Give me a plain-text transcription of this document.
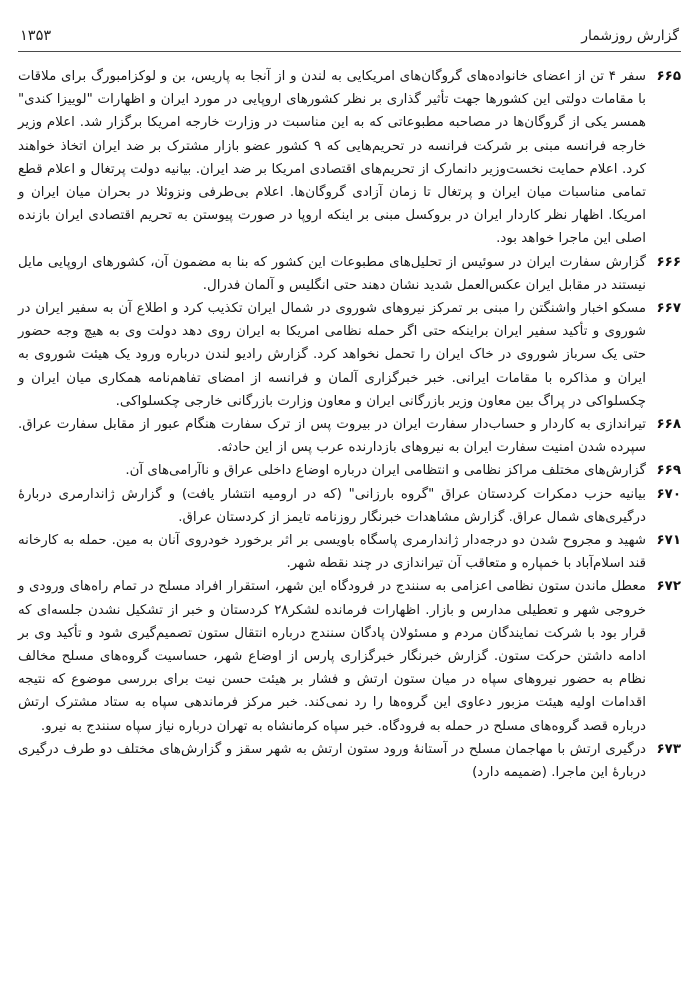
گزارش روزشمار
۱۳۵۳

۶۶۵سفر ۴ تن از اعضای خانواده‌های گروگان‌های امریکایی به لندن و از آنجا به پاریس، بن و لوکزامبورگ برای ملاقات با مقامات دولتی این کشورها جهت تأثیر گذاری بر نظر کشورهای اروپایی در مورد ایران و اظهارات "لوییزا کندی" همسر یکی از گروگان‌ها در مصاحبه مطبوعاتی که به این مناسبت در وزارت خارجه امریکا برگزار شد. اعلام وزیر خارجه فرانسه مبنی بر شرکت فرانسه در تحریم‌هایی که ۹ کشور عضو بازار مشترک بر ضد ایران اتخاذ خواهند کرد. اعلام حمایت نخست‌وزیر دانمارک از تحریم‌های اقتصادی امریکا بر ضد ایران. بیانیه دولت پرتغال و اعلام قطع تمامی مناسبات میان ایران و پرتغال تا زمان آزادی گروگان‌ها. اعلام بی‌طرفی ونزوئلا در بحران میان ایران و امریکا. اظهار نظر کاردار ایران در بروکسل مبنی بر اینکه اروپا در صورت پیوستن به تحریم اقتصادی ایران بازنده اصلی این ماجرا خواهد بود.

۶۶۶گزارش سفارت ایران در سوئیس از تحلیل‌های مطبوعات این کشور که بنا به مضمون آن، کشورهای اروپایی مایل نیستند در مقابل ایران عکس‌العمل شدید نشان دهند حتی انگلیس و آلمان فدرال.

۶۶۷مسکو اخبار واشنگتن را مبنی بر تمرکز نیروهای شوروی در شمال ایران تکذیب کرد و اطلاع آن به سفیر ایران در شوروی و تأکید سفیر ایران براینکه حتی اگر حمله نظامی امریکا به ایران روی دهد دولت وی به هیچ وجه حضور حتی یک سرباز شوروی در خاک ایران را تحمل نخواهد کرد. گزارش رادیو لندن درباره ورود یک هیئت شوروی به ایران و مذاکره با مقامات ایرانی. خبر خبرگزاری آلمان و فرانسه از امضای تفاهم‌نامه همکاری میان ایران و چکسلواکی در پراگ بین معاون وزیر بازرگانی ایران و معاون وزارت بازرگانی خارجی چکسلواکی.

۶۶۸تیراندازی به کاردار و حساب‌دار سفارت ایران در بیروت پس از ترک سفارت هنگام عبور از مقابل سفارت عراق. سپرده شدن امنیت سفارت ایران به نیروهای بازدارنده عرب پس از این حادثه.

۶۶۹گزارش‌های مختلف مراکز نظامی و انتظامی ایران درباره اوضاع داخلی عراق و ناآرامی‌های آن.

۶۷۰بیانیه حزب دمکرات کردستان عراق "گروه بارزانی" (که در ارومیه انتشار یافت) و گزارش ژاندارمری دربارهٔ درگیری‌های شمال عراق. گزارش مشاهدات خبرنگار روزنامه تایمز از کردستان عراق.

۶۷۱شهید و مجروح شدن دو درجه‌دار ژاندارمری پاسگاه باویسی بر اثر برخورد خودروی آنان به مین. حمله به کارخانه قند اسلام‌آباد با خمپاره و متعاقب آن تیراندازی در چند نقطه شهر.

۶۷۲معطل ماندن ستون نظامی اعزامی به سنندج در فرودگاه این شهر، استقرار افراد مسلح در تمام راه‌های ورودی و خروجی شهر و تعطیلی مدارس و بازار. اظهارات فرمانده لشکر۲۸ کردستان و خبر از تشکیل نشدن جلسه‌ای که قرار بود با شرکت نمایندگان مردم و مسئولان پادگان سنندج درباره انتقال ستون تصمیم‌گیری شود و تأکید وی بر ادامه داشتن حرکت ستون. گزارش خبرنگار خبرگزاری پارس از اوضاع شهر، حساسیت گروه‌های مسلح مخالف نظام به حضور نیروهای سپاه در میان ستون ارتش و فشار بر هیئت حسن نیت برای بررسی موضوع که نتیجه اقدامات اولیه هیئت مزبور دعاوی این گروه‌ها را رد نمی‌کند. خبر مرکز فرماندهی سپاه به ستاد مشترک ارتش درباره قصد گروه‌های مسلح در حمله به فرودگاه. خبر سپاه کرمانشاه به تهران درباره نیاز سپاه سنندج به نیرو.

۶۷۳درگیری ارتش با مهاجمان مسلح در آستانهٔ ورود ستون ارتش به شهر سقز و گزارش‌های مختلف دو طرف درگیری دربارهٔ این ماجرا. (ضمیمه دارد)
